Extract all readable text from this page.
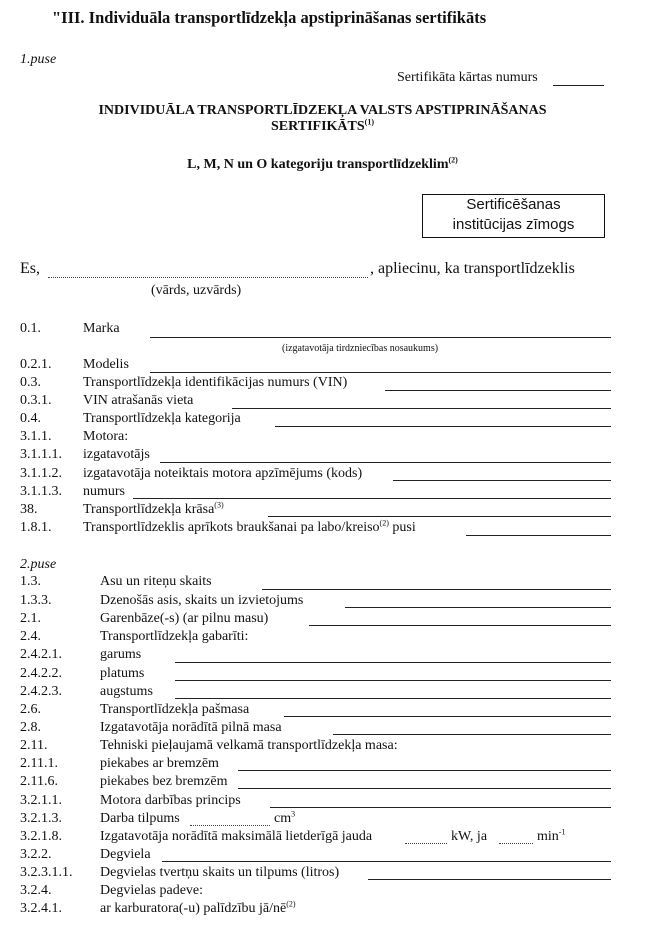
"III. Individuāla transportlīdzekļa apstiprināšanas sertifikāts
1.puse
Sertifikāta kārtas numurs
INDIVIDUĀLA TRANSPORTLĪDZEKĻA VALSTS APSTIPRINĀŠANAS
SERTIFIKĀTS$^{(1)}$
L, M, N un O kategoriju transportlīdzeklim$^{(2)}$
Sertificēšanas
institūcijas zīmogs
Es,	, apliecinu, ka transportlīdzeklis
(vārds, uzvārds)
0.1.	Marka
(izgatavotāja tirdzniecības nosaukums)
0.2.1. Modelis
0.3.	Transportlīdzekļa identifikācijas numurs (VIN)
0.3.1. VIN atrašanās vieta
0.4.	Transportlīdzekļa kategorija
3.1.1. Motora:
3.1.1.1. izgatavotājs
3.1.1.2. izgatavotāja noteiktais motora apzīmējums (kods)
3.1.1.3. numurs
38.	Transportlīdzekļa krāsa$^{(3)}$
1.8.1. Transportlīdzeklis aprīkots braukšanai pa labo/kreiso$^{(2)}$ pusi
2.puse
1.3.	Asu un riteņu skaits
1.3.3.	Dzenošās asis, skaits un izvietojums
2.1.	Garenbāze(-s) (ar pilnu masu)
2.4.	Transportlīdzekļa gabarīti:
2.4.2.1.	garums
2.4.2.2.	platums
2.4.2.3.	augstums
2.6.	Transportlīdzekļa pašmasa
2.8.	Izgatavotāja norādītā pilnā masa
2.11.	Tehniski pieļaujamā velkamā transportlīdzekļa masa:
2.11.1.	piekabes ar bremzēm
2.11.6.	piekabes bez bremzēm
3.2.1.1.	Motora darbības princips
3.2.1.3.	Darba tilpums	$cm^3$
3.2.1.8.	Izgatavotāja norādītā maksimālā lietderīgā jauda	kW, ja	$\min^{-1}$
3.2.2.	Degviela
3.2.3.1.1. Degvielas tvertņu skaits un tilpums (litros)
3.2.4.	Degvielas padeve:
3.2.4.1.	ar karburatora(-u) palīdzību $jā/nē^{(2)}$
